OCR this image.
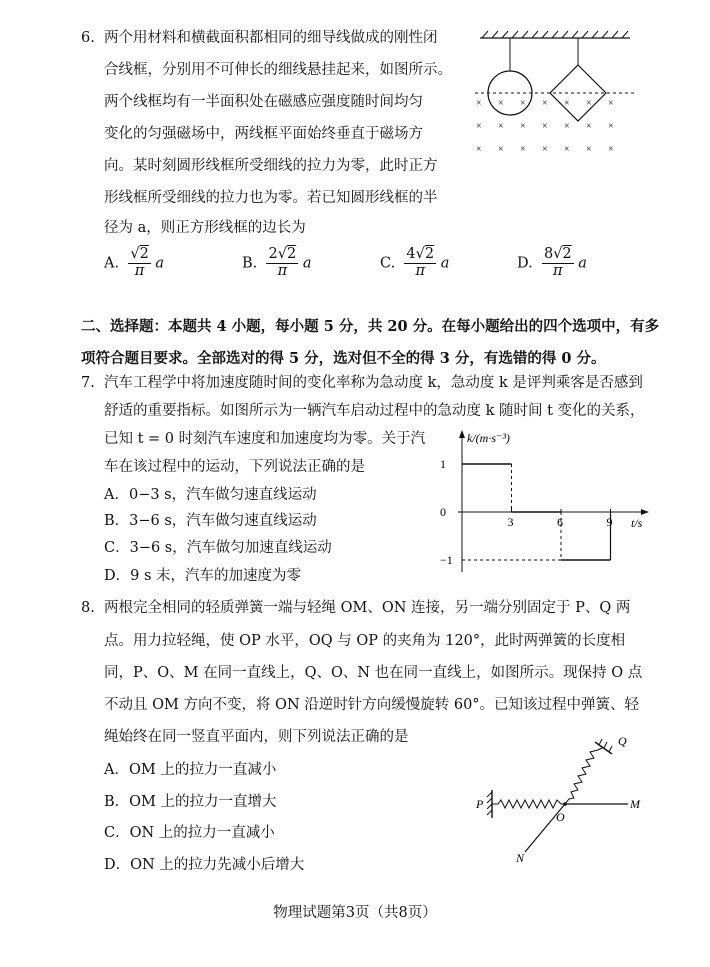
6. 两个用材料和横截面积都相同的细导线做成的刚性闭
合线框，分别用不可伸长的细线悬挂起来，如图所示。
两个线框均有一半面积处在磁感应强度随时间均匀
变化的匀强磁场中，两线框平面始终垂直于磁场方
向。某时刻圆形线框所受细线的拉力为零，此时正方
形线框所受细线的拉力也为零。若已知圆形线框的半
径为 a，则正方形线框的边长为
A. $\frac{√2}{\pi}$ a	B. $\frac{2√2}{\pi}$ a	C. $\frac{4√2}{\pi}$ a	D. $\frac{8√2}{\pi}$ a
× × × × × × ×
× × × × × × ×
× × × × × × ×
二、选择题：本题共 4 小题，每小题 5 分，共 20 分。在每小题给出的四个选项中，有多
项符合题目要求。全部选对的得 5 分，选对但不全的得 3 分，有选错的得 0 分。
7. 汽车工程学中将加速度随时间的变化率称为急动度 k，急动度 k 是评判乘客是否感到
舒适的重要指标。如图所示为一辆汽车启动过程中的急动度 k 随时间 t 变化的关系，
已知 t = 0 时刻汽车速度和加速度均为零。关于汽
车在该过程中的运动，下列说法正确的是
A．0−3 s，汽车做匀速直线运动
B．3−6 s，汽车做匀速直线运动
C．3−6 s，汽车做匀加速直线运动
D．9 s 末，汽车的加速度为零
k/(m·s⁻³)
t/s
3	6	9
1
0
−1
8. 两根完全相同的轻质弹簧一端与轻绳 OM、ON 连接，另一端分别固定于 P、Q 两
点。用力拉轻绳，使 OP 水平，OQ 与 OP 的夹角为 120°，此时两弹簧的长度相
同，P、O、M 在同一直线上，Q、O、N 也在同一直线上，如图所示。现保持 O 点
不动且 OM 方向不变，将 ON 沿逆时针方向缓慢旋转 60°。已知该过程中弹簧、轻
绳始终在同一竖直平面内，则下列说法正确的是
A．OM 上的拉力一直减小
B．OM 上的拉力一直增大
C．ON 上的拉力一直减小
D．ON 上的拉力先减小后增大
P
Q
O
M
N
物理试题第3页（共8页）
